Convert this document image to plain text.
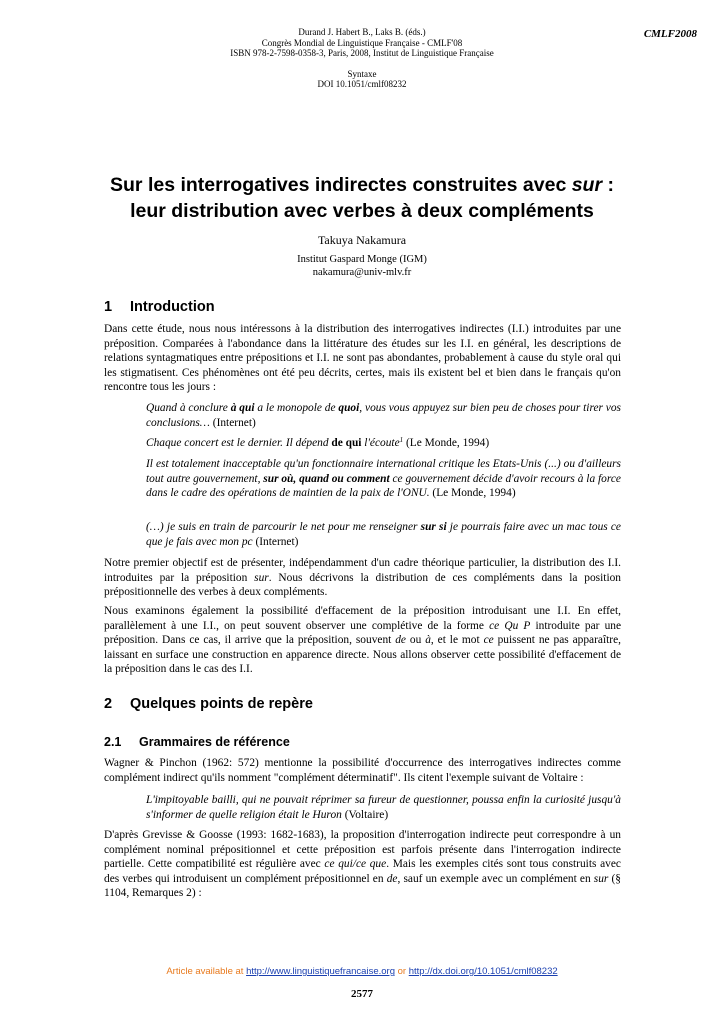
Durand J. Habert B., Laks B. (éds.)
Congrès Mondial de Linguistique Française - CMLF'08
ISBN 978-2-7598-0358-3, Paris, 2008, Institut de Linguistique Française
Syntaxe
DOI 10.1051/cmlf08232
CMLF2008
Sur les interrogatives indirectes construites avec sur :
leur distribution avec verbes à deux compléments
Takuya Nakamura
Institut Gaspard Monge (IGM)
nakamura@univ-mlv.fr
1 Introduction
Dans cette étude, nous nous intéressons à la distribution des interrogatives indirectes (I.I.) introduites par une préposition. Comparées à l'abondance dans la littérature des études sur les I.I. en général, les descriptions de relations syntagmatiques entre prépositions et I.I. ne sont pas abondantes, probablement à cause du style oral qui les stigmatisent. Ces phénomènes ont été peu décrits, certes, mais ils existent bel et bien dans le français qu'on rencontre tous les jours :
Quand à conclure à qui a le monopole de quoi, vous vous appuyez sur bien peu de choses pour tirer vos conclusions… (Internet)
Chaque concert est le dernier. Il dépend de qui l'écoute$^1$ (Le Monde, 1994)
Il est totalement inacceptable qu'un fonctionnaire international critique les Etats-Unis (...) ou d'ailleurs tout autre gouvernement, sur où, quand ou comment ce gouvernement décide d'avoir recours à la force dans le cadre des opérations de maintien de la paix de l'ONU. (Le Monde, 1994)
(…) je suis en train de parcourir le net pour me renseigner sur si je pourrais faire avec un mac tous ce que je fais avec mon pc (Internet)
Notre premier objectif est de présenter, indépendamment d'un cadre théorique particulier, la distribution des I.I. introduites par la préposition sur. Nous décrivons la distribution de ces compléments dans la position prépositionnelle des verbes à deux compléments.
Nous examinons également la possibilité d'effacement de la préposition introduisant une I.I. En effet, parallèlement à une I.I., on peut souvent observer une complétive de la forme ce Qu P introduite par une préposition. Dans ce cas, il arrive que la préposition, souvent de ou à, et le mot ce puissent ne pas apparaître, laissant en surface une construction en apparence directe. Nous allons observer cette possibilité d'effacement de la préposition dans le cas des I.I.
2 Quelques points de repère
2.1 Grammaires de référence
Wagner & Pinchon (1962: 572) mentionne la possibilité d'occurrence des interrogatives indirectes comme complément indirect qu'ils nomment "complément déterminatif". Ils citent l'exemple suivant de Voltaire :
L'impitoyable bailli, qui ne pouvait réprimer sa fureur de questionner, poussa enfin la curiosité jusqu'à s'informer de quelle religion était le Huron (Voltaire)
D'après Grevisse & Goosse (1993: 1682-1683), la proposition d'interrogation indirecte peut correspondre à un complément nominal prépositionnel et cette préposition est parfois présente dans l'interrogation indirecte partielle. Cette compatibilité est régulière avec ce qui/ce que. Mais les exemples cités sont tous construits avec des verbes qui introduisent un complément prépositionnel en de, sauf un exemple avec un complément en sur (§ 1104, Remarques 2) :
Article available at http://www.linguistiquefrancaise.org or http://dx.doi.org/10.1051/cmlf08232
2577
